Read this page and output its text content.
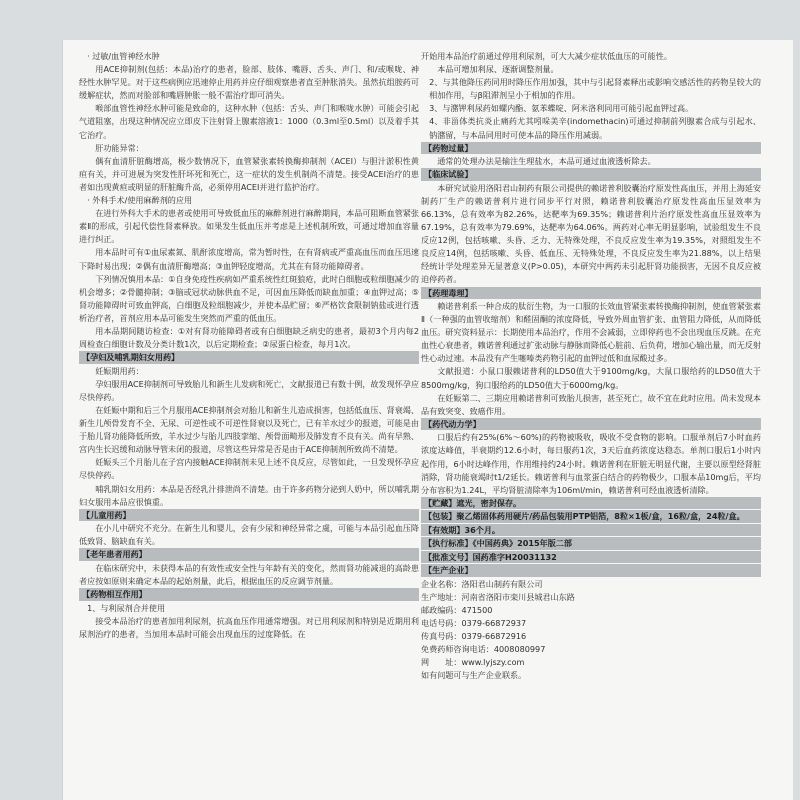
· 过敏/血管神经水肿

用ACE抑制剂(包括：本品)治疗的患者，脸部、肢体、嘴唇、舌头、声门、和/或喉咙、神经性水肿罕见。对于这些病例应迅速停止用药并应仔细观察患者直至肿胀消失。虽然抗组胺药可缓解症状，然而对脸部和嘴唇肿胀一般不需治疗即可消失。

喉部血管性神经水肿可能是致命的，这种水肿（包括：舌头、声门和喉咙水肿）可能会引起气道阻塞，出现这种情况应立即皮下注射肾上腺素溶液1：1000（0.3ml至0.5ml）以及着手其它治疗。

肝功能异常：

偶有血清肝脏酶增高，极少数情况下，血管紧张素转换酶抑制剂（ACEI）与胆汁淤积性黄疸有关，并可进展为突发性肝坏死和死亡，这一症状的发生机制尚不清楚。接受ACEI治疗的患者如出现黄疸或明显的肝脏酶升高，必须停用ACEI并进行监护治疗。

· 外科手术/使用麻醉剂的应用

在进行外科大手术的患者或使用可导致低血压的麻醉剂进行麻醉期间，本品可阻断血管紧张素Ⅱ的形成，引起代偿性肾素释放。如果发生低血压并考虑是上述机制所致，可通过增加血容量进行纠正。

用本品时可有①血尿素氮、肌酐浓度增高，常为暂时性，在有肾病或严重高血压而血压迅速下降时易出现；②偶有血清肝酶增高；③血钾轻度增高，尤其在有肾功能障碍者。

下列情况慎用本品：①自身免疫性疾病如严重系统性红斑狼疮，此时白细胞或粒细胞减少的机会增多；②骨髓抑制；③脑或冠状动脉供血不足，可因血压降低而缺血加重；④血钾过高；⑤肾功能障碍时可致血钾高，白细胞及粒细胞减少，并使本品贮留；⑥严格饮食限制钠盐或进行透析治疗者，首剂应用本品可能发生突然而严重的低血压。

用本品期间随访检查：①对有肾功能障碍者或有白细胞缺乏病史的患者，最初3个月内每2周检查白细胞计数及分类计数1次，以后定期检查；②尿蛋白检查，每月1次。

【孕妇及哺乳期妇女用药】

妊娠期用药：

孕妇服用ACE抑制剂可导致胎儿和新生儿发病和死亡，文献报道已有数十例，故发现怀孕应尽快停药。

在妊娠中期和后三个月服用ACE抑制剂会对胎儿和新生儿造成损害，包括低血压、肾衰竭、新生儿颅骨发育不全、无尿、可逆性或不可逆性肾衰以及死亡，已有羊水过少的报道，可能是由于胎儿肾功能降低所致，羊水过少与胎儿四肢挛缩、颅骨面畸形及肺发育不良有关。尚有早熟、宫内生长迟缓和动脉导管未闭的报道，尽管这些异常是否是由于ACE抑制剂所致尚不清楚。

妊娠头三个月胎儿在子宫内接触ACE抑制剂未见上述不良反应，尽管如此，一旦发现怀孕应尽快停药。

哺乳期妇女用药：本品是否经乳汁排泄尚不清楚。由于许多药物分泌到人奶中，所以哺乳期妇女服用本品应很慎重。

【儿童用药】

在小儿中研究不充分。在新生儿和婴儿，会有少尿和神经异常之虞，可能与本品引起血压降低致肾、脑缺血有关。

【老年患者用药】

在临床研究中，未获得本品的有效性或安全性与年龄有关的变化，然而肾功能减退的高龄患者应按如原则来确定本品的起始剂量，此后，根据血压的反应调节剂量。

【药物相互作用】

1、与利尿剂合并使用

接受本品治疗的患者加用利尿剂，抗高血压作用通常增强。对已用利尿剂和特别是近期用利尿剂治疗的患者，当加用本品时可能会出现血压的过度降低。在

开始用本品治疗前通过停用利尿剂，可大大减少症状低血压的可能性。

本品可增加利尿、逐渐调整剂量。

2、与其他降压药同用时降压作用加强，其中与引起肾素释出或影响交感活性的药物呈较大的相加作用，与β阻滞剂呈小于相加的作用。

3、与潴钾利尿药如螺内酯、氨苯蝶啶、阿米洛利同用可能引起血钾过高。

4、非甾体类抗炎止痛药尤其吲哚美辛(indomethacin)可通过抑制前列腺素合成与引起水、钠潴留，与本品同用时可使本品的降压作用减弱。

【药物过量】

通常的处理办法是输注生理盐水，本品可通过血液透析除去。

【临床试验】

本研究试验用洛阳君山制药有限公司提供的赖诺普利胶囊治疗原发性高血压，并用上海延安制药厂生产的赖诺普利片进行同步平行对照，赖诺普利胶囊治疗原发性高血压显效率为66.13%，总有效率为82.26%，达靶率为69.35%；赖诺普利片治疗原发性高血压显效率为67.19%，总有效率为79.69%，达靶率为64.06%。两药对心率无明显影响，试验组发生不良反应12例，包括咳嗽、头昏、乏力、无特殊处理，不良反应发生率为19.35%，对照组发生不良反应14例，包括咳嗽、头昏、低血压、无特殊处理，不良反应发生率为21.88%，以上结果经统计学处理差异无显著意义(P>0.05)，本研究中两药未引起肝肾功能损害，无因不良反应被迫停药者。

【药理毒理】

赖诺普利系一种合成的肽衍生物，为一口服的长效血管紧张素转换酶抑制剂，使血管紧张素Ⅱ（一种强的血管收缩剂）和醛固酮的浓度降低，导致外周血管扩张、血管阻力降低，从而降低血压。研究资料显示：长期使用本品治疗，作用不会减弱，立即停药也不会出现血压反跳。在充血性心衰患者，赖诺普利通过扩张动脉与静脉而降低心脏前、后负荷，增加心输出量，而无反射性心动过速。本品没有产生噻嗪类药物引起的血钾过低和血尿酸过多。

文献报道：小鼠口服赖诺普利的LD50值大于9100mg/kg，大鼠口服给药的LD50值大于8500mg/kg，狗口服给药的LD50值大于6000mg/kg。

在妊娠第二、三期应用赖诺普利可致胎儿损害，甚至死亡，故不宜在此时应用。尚未发现本品有致突变、致癌作用。

【药代动力学】

口服后约有25%(6%～60%)的药物被吸收，吸收不受食物的影响。口服单剂后7小时血药浓度达峰值，半衰期约12.6小时，每日服药1次，3天后血药浓度达稳态。单剂口服后1小时内起作用，6小时达峰作用，作用维持约24小时。赖诺普利在肝脏无明显代谢，主要以原型经肾脏消除，肾功能衰竭时t1/2延长。赖诺普利与血浆蛋白结合的药物极少，口服本品10mg后，平均分布容积为1.24L，平均肾脏清除率为106ml/min，赖诺普利可经血液透析清除。

【贮藏】遮光，密封保存。

【包装】聚乙烯固体药用硬片/药品包装用PTP铝箔，8粒×1板/盒，16粒/盒，24粒/盒。

【有效期】36个月。

【执行标准】《中国药典》2015年版二部

【批准文号】国药准字H20031132

【生产企业】

企业名称：洛阳君山制药有限公司

生产地址：河南省洛阳市栾川县城君山东路

邮政编码：471500

电话号码：0379-66872937

传真号码：0379-66872916

免费药师咨询电话：4008080997

网　　址：www.lyjszy.com

如有问题可与生产企业联系。
